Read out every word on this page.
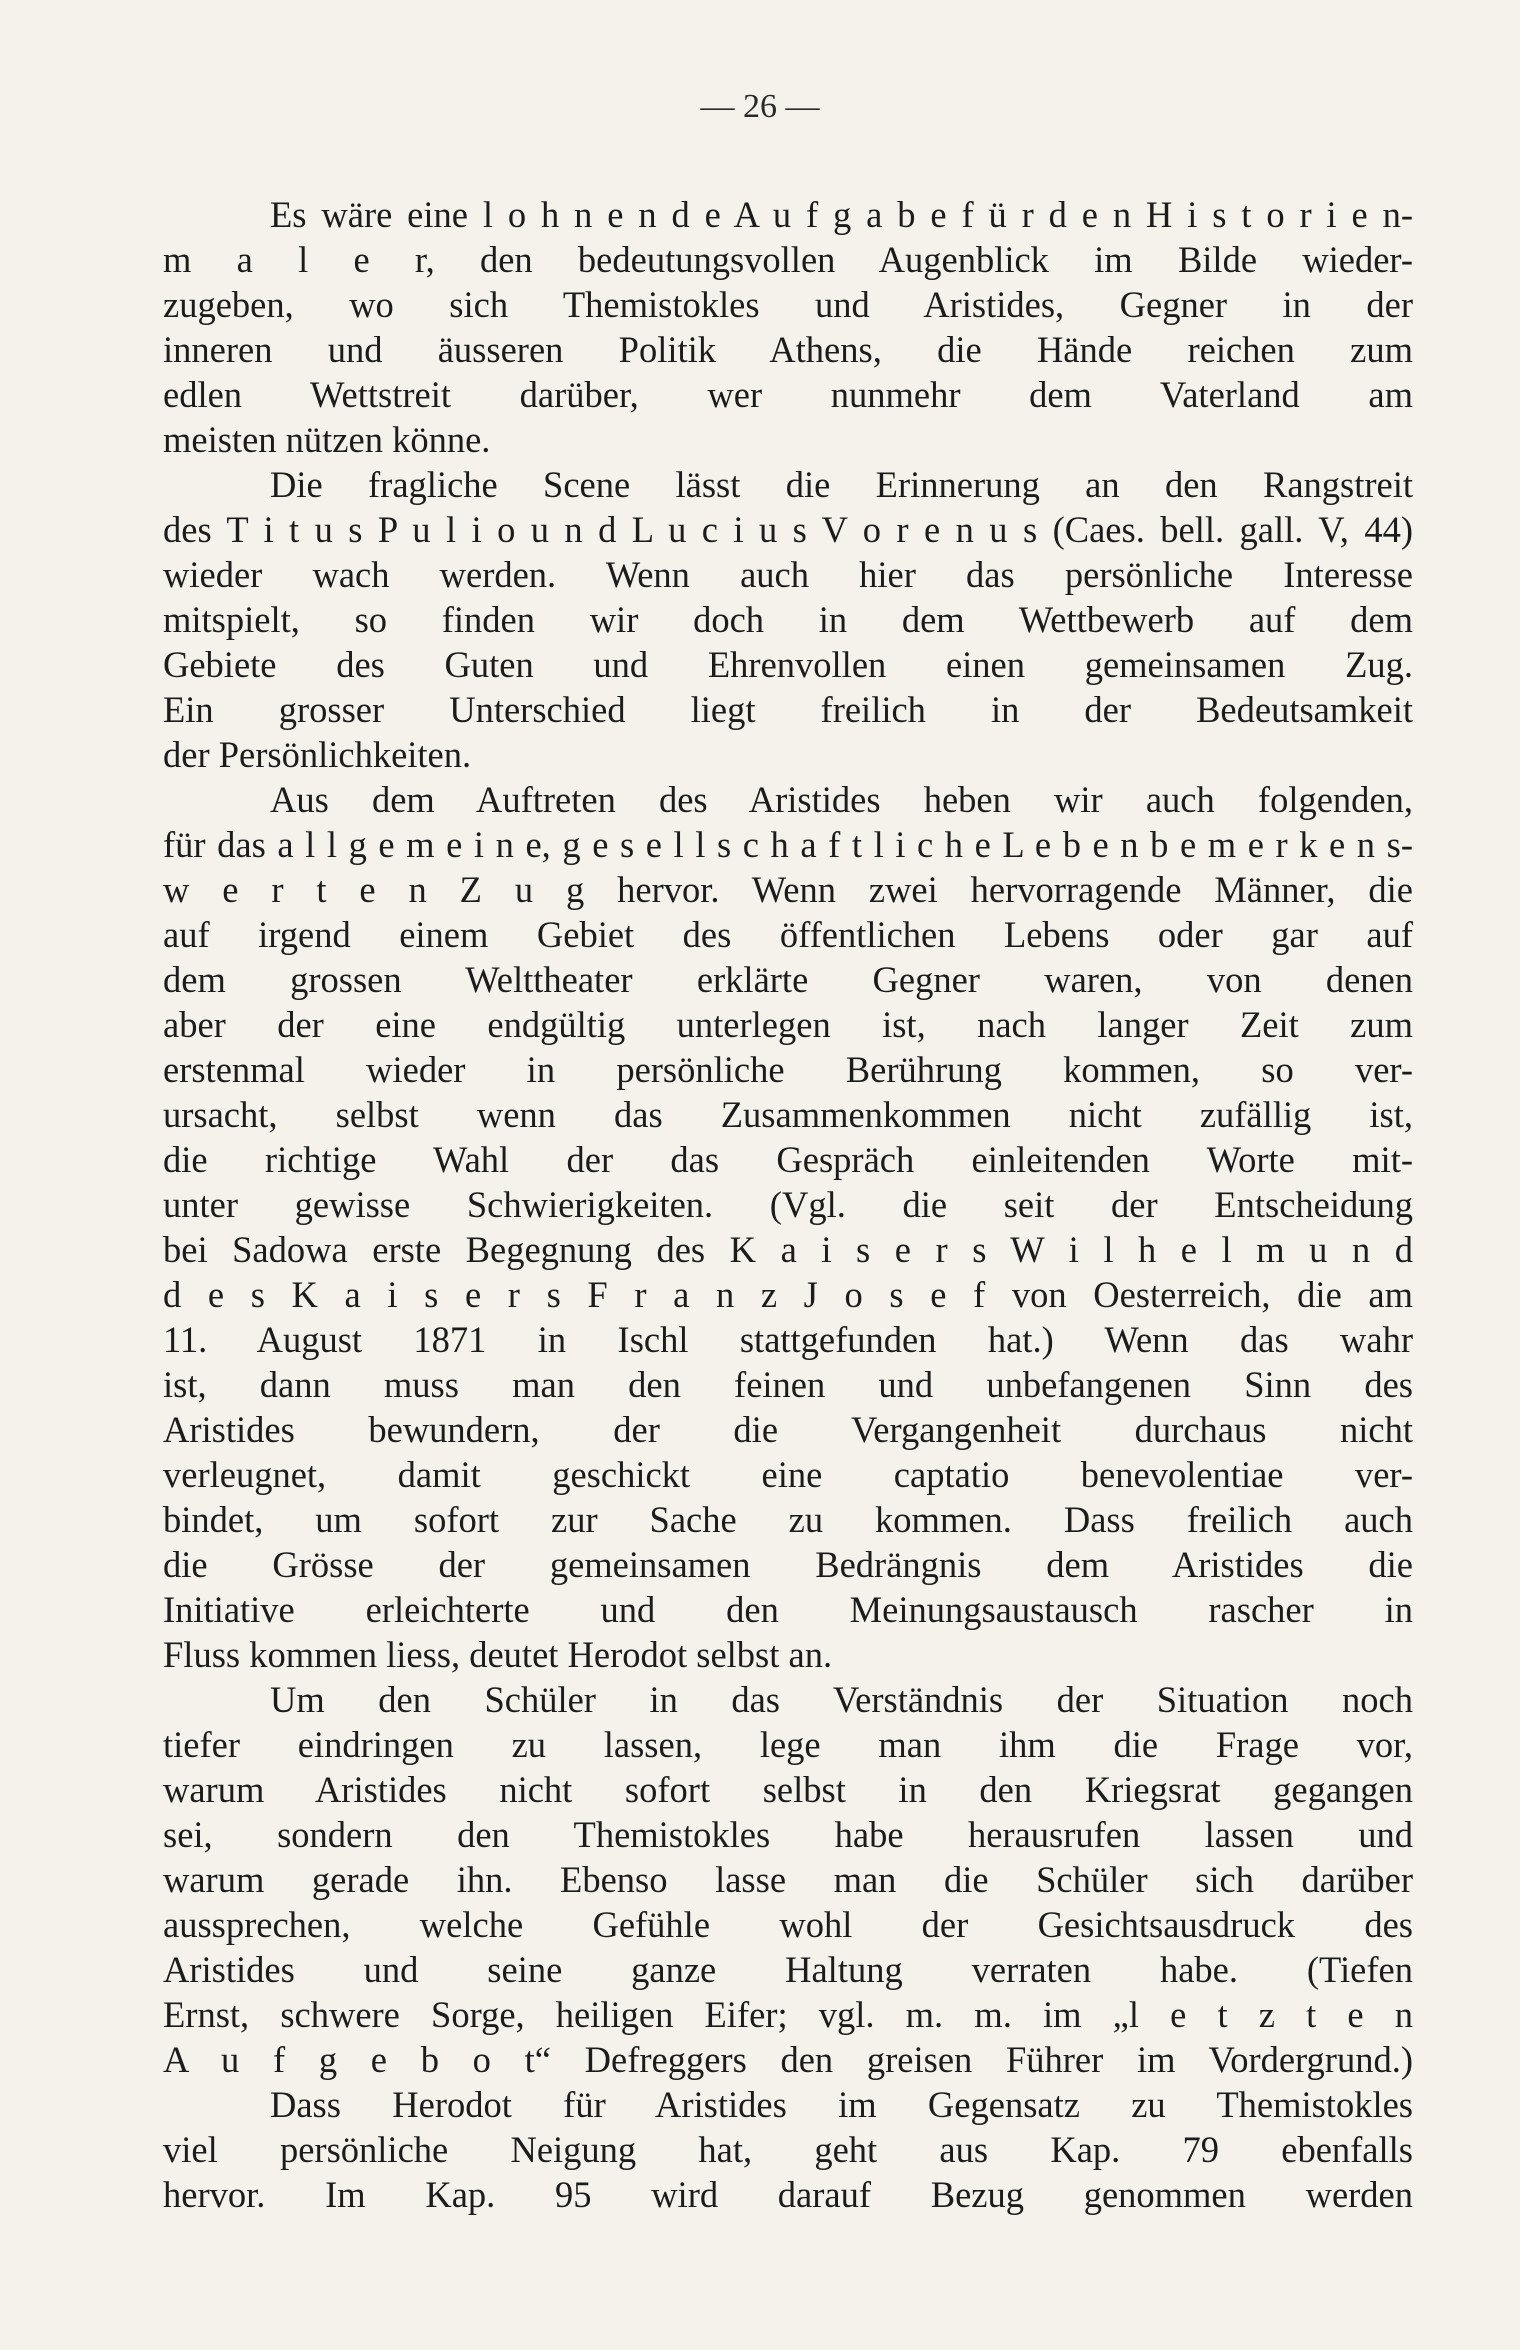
— 26 —
Es wäre eine l o h n e n d e A u f g a b e f ü r d e n H i s t o r i e n-
m a l e r, den bedeutungsvollen Augenblick im Bilde wieder-
zugeben, wo sich Themistokles und Aristides, Gegner in der
inneren und äusseren Politik Athens, die Hände reichen zum
edlen Wettstreit darüber, wer nunmehr dem Vaterland am
meisten nützen könne.
Die fragliche Scene lässt die Erinnerung an den Rangstreit
des T i t u s P u l i o u n d L u c i u s V o r e n u s (Caes. bell. gall. V, 44)
wieder wach werden. Wenn auch hier das persönliche Interesse
mitspielt, so finden wir doch in dem Wettbewerb auf dem
Gebiete des Guten und Ehrenvollen einen gemeinsamen Zug.
Ein grosser Unterschied liegt freilich in der Bedeutsamkeit
der Persönlichkeiten.
Aus dem Auftreten des Aristides heben wir auch folgenden,
für das a l l g e m e i n e, g e s e l l s c h a f t l i c h e L e b e n b e m e r k e n s-
w e r t e n Z u g hervor. Wenn zwei hervorragende Männer, die
auf irgend einem Gebiet des öffentlichen Lebens oder gar auf
dem grossen Welttheater erklärte Gegner waren, von denen
aber der eine endgültig unterlegen ist, nach langer Zeit zum
erstenmal wieder in persönliche Berührung kommen, so ver-
ursacht, selbst wenn das Zusammenkommen nicht zufällig ist,
die richtige Wahl der das Gespräch einleitenden Worte mit-
unter gewisse Schwierigkeiten. (Vgl. die seit der Entscheidung
bei Sadowa erste Begegnung des K a i s e r s W i l h e l m u n d
d e s K a i s e r s F r a n z J o s e f von Oesterreich, die am
11. August 1871 in Ischl stattgefunden hat.) Wenn das wahr
ist, dann muss man den feinen und unbefangenen Sinn des
Aristides bewundern, der die Vergangenheit durchaus nicht
verleugnet, damit geschickt eine captatio benevolentiae ver-
bindet, um sofort zur Sache zu kommen. Dass freilich auch
die Grösse der gemeinsamen Bedrängnis dem Aristides die
Initiative erleichterte und den Meinungsaustausch rascher in
Fluss kommen liess, deutet Herodot selbst an.
Um den Schüler in das Verständnis der Situation noch
tiefer eindringen zu lassen, lege man ihm die Frage vor,
warum Aristides nicht sofort selbst in den Kriegsrat gegangen
sei, sondern den Themistokles habe herausrufen lassen und
warum gerade ihn. Ebenso lasse man die Schüler sich darüber
aussprechen, welche Gefühle wohl der Gesichtsausdruck des
Aristides und seine ganze Haltung verraten habe. (Tiefen
Ernst, schwere Sorge, heiligen Eifer; vgl. m. m. im „l e t z t e n
A u f g e b o t“ Defreggers den greisen Führer im Vordergrund.)
Dass Herodot für Aristides im Gegensatz zu Themistokles
viel persönliche Neigung hat, geht aus Kap. 79 ebenfalls
hervor. Im Kap. 95 wird darauf Bezug genommen werden
